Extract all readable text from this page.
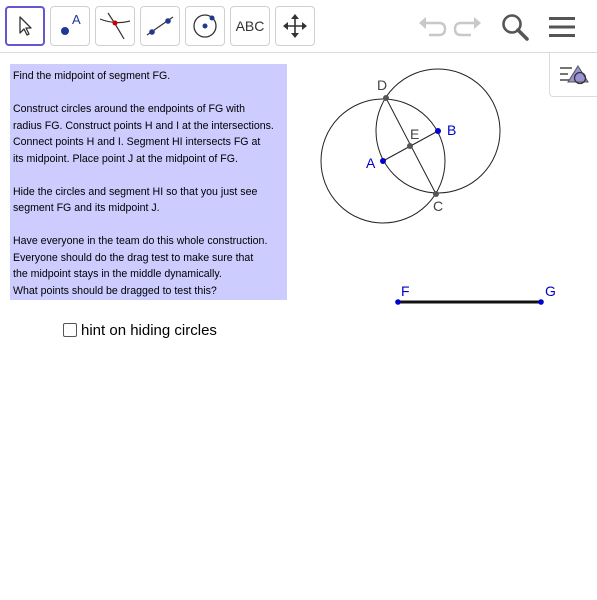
A	ABC

Find the midpoint of segment FG.

Construct circles around the endpoints of FG with

radius FG. Construct points H and I at the intersections.

Connect points H and I. Segment HI intersects FG at

its midpoint. Place point J at the midpoint of FG.

Hide the circles and segment HI so that you just see

segment FG and its midpoint J.

Have everyone in the team do this whole construction.

Everyone should do the drag test to make sure that

the midpoint stays in the middle dynamically.

What points should be dragged to test this?

hint on hiding circles
D
E B
A
C
F	G
